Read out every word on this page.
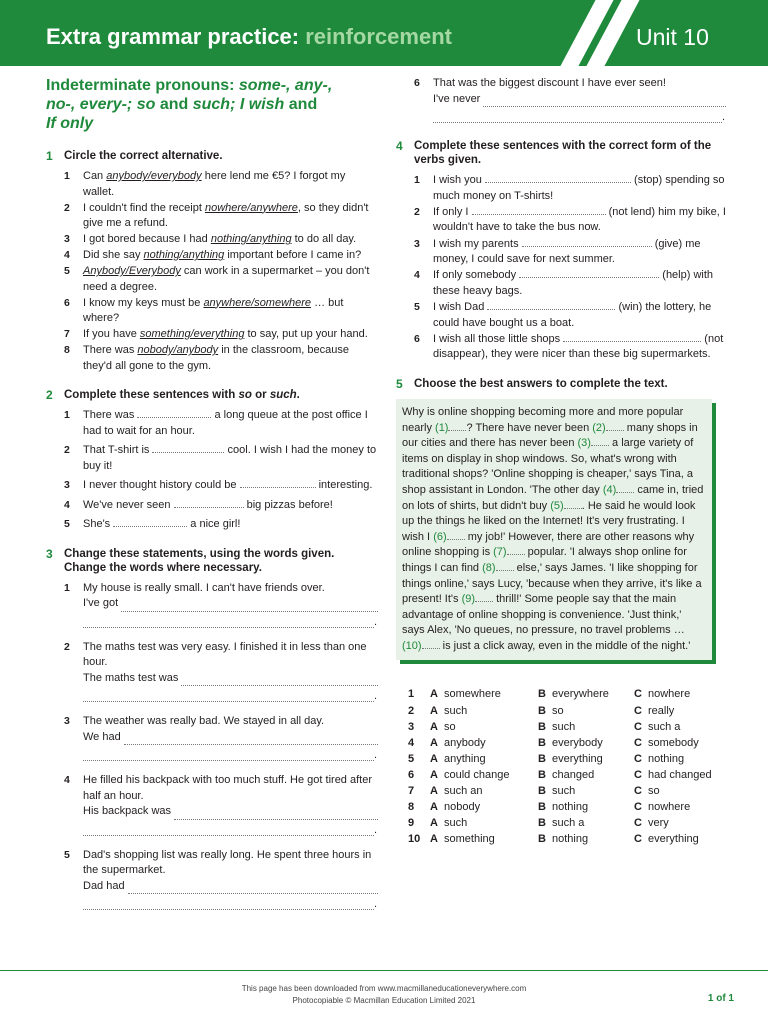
Extra grammar practice: reinforcement	Unit 10
Indeterminate pronouns: some-, any-,
no-, every-; so and such; I wish and
If only
1 Circle the correct alternative.
1 Can anybody/everybody here lend me €5? I forgot my wallet.
2 I couldn't find the receipt nowhere/anywhere, so they didn't give me a refund.
3 I got bored because I had nothing/anything to do all day.
4 Did she say nothing/anything important before I came in?
5 Anybody/Everybody can work in a supermarket – you don't need a degree.
6 I know my keys must be anywhere/somewhere … but where?
7 If you have something/everything to say, put up your hand.
8 There was nobody/anybody in the classroom, because they'd all gone to the gym.
2 Complete these sentences with so or such.
1 There was	a long queue at the post office I had to wait for an hour.
2 That T-shirt is	cool. I wish I had the money to buy it!
3 I never thought history could be	interesting.
4 We've never seen	big pizzas before!
5 She's	a nice girl!
3 Change these statements, using the words given. Change the words where necessary.
1 My house is really small. I can't have friends over.
I've got
.
2 The maths test was very easy. I finished it in less than one hour.
The maths test was
.
3 The weather was really bad. We stayed in all day.
We had
.
4 He filled his backpack with too much stuff. He got tired after half an hour.
His backpack was
.
5 Dad's shopping list was really long. He spent three hours in the supermarket.
Dad had
.
6 That was the biggest discount I have ever seen!
I've never
.
4 Complete these sentences with the correct form of the verbs given.
1 I wish you	(stop) spending so much money on T-shirts!
2 If only I	(not lend) him my bike, I wouldn't have to take the bus now.
3 I wish my parents	(give) me money, I could save for next summer.
4 If only somebody	(help) with these heavy bags.
5 I wish Dad	(win) the lottery, he could have bought us a boat.
6 I wish all those little shops	(not disappear), they were nicer than these big supermarkets.
5 Choose the best answers to complete the text.
Why is online shopping becoming more and more popular nearly (1) ? There have never been (2) many shops in our cities and there has never been (3) a large variety of items on display in shop windows. So, what's wrong with traditional shops? 'Online shopping is cheaper,' says Tina, a shop assistant in London. 'The other day (4) came in, tried on lots of shirts, but didn't buy (5) . He said he would look up the things he liked on the Internet! It's very frustrating. I wish I (6) my job!' However, there are other reasons why online shopping is (7) popular. 'I always shop online for things I can find (8) else,' says James. 'I like shopping for things online,' says Lucy, 'because when they arrive, it's like a present! It's (9) thrill!' Some people say that the main advantage of online shopping is convenience. 'Just think,' says Alex, 'No queues, no pressure, no travel problems … (10) is just a click away, even in the middle of the night.'
1	A somewhere	B everywhere C nowhere
2	A such	B so	C really
3	A so	B such	C such a
4	A anybody	B everybody	C somebody
5	A anything	B everything	C nothing
6	A could change	B changed	C had changed
7	A such an	B such	C so
8	A nobody	B nothing	C nowhere
9	A such	B such a	C very
10 A something	B nothing	C everything
This page has been downloaded from www.macmillaneducationeverywhere.com
Photocopiable © Macmillan Education Limited 2021	1 of 1
